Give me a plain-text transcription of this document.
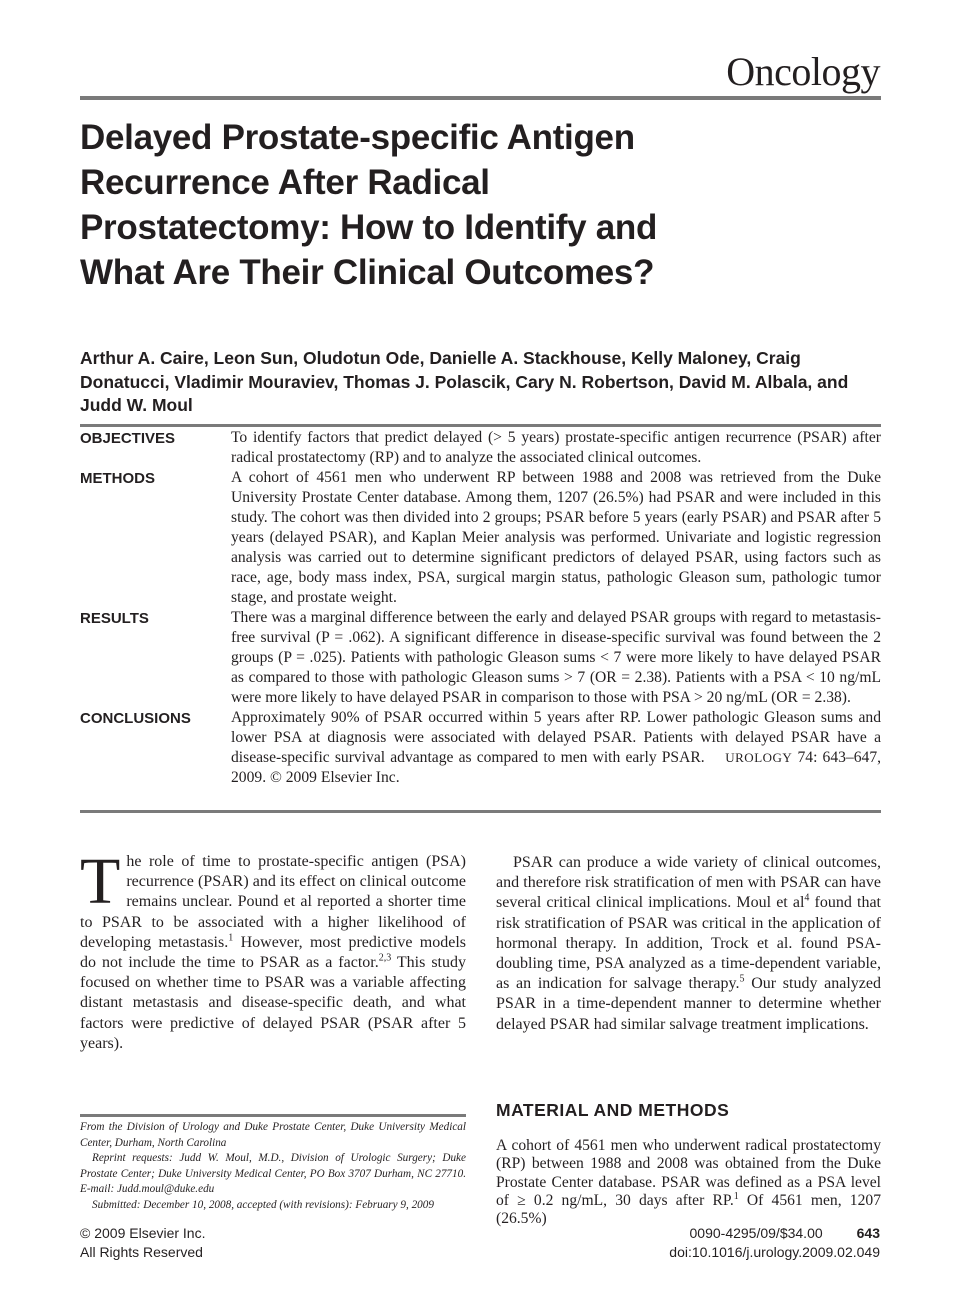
Oncology
Delayed Prostate-specific Antigen Recurrence After Radical Prostatectomy: How to Identify and What Are Their Clinical Outcomes?
Arthur A. Caire, Leon Sun, Oludotun Ode, Danielle A. Stackhouse, Kelly Maloney, Craig Donatucci, Vladimir Mouraviev, Thomas J. Polascik, Cary N. Robertson, David M. Albala, and Judd W. Moul
OBJECTIVES	To identify factors that predict delayed (> 5 years) prostate-specific antigen recurrence (PSAR) after radical prostatectomy (RP) and to analyze the associated clinical outcomes.
METHODS	A cohort of 4561 men who underwent RP between 1988 and 2008 was retrieved from the Duke University Prostate Center database. Among them, 1207 (26.5%) had PSAR and were included in this study. The cohort was then divided into 2 groups; PSAR before 5 years (early PSAR) and PSAR after 5 years (delayed PSAR), and Kaplan Meier analysis was performed. Univariate and logistic regression analysis was carried out to determine significant predictors of delayed PSAR, using factors such as race, age, body mass index, PSA, surgical margin status, pathologic Gleason sum, pathologic tumor stage, and prostate weight.
RESULTS	There was a marginal difference between the early and delayed PSAR groups with regard to metastasis-free survival (P = .062). A significant difference in disease-specific survival was found between the 2 groups (P = .025). Patients with pathologic Gleason sums < 7 were more likely to have delayed PSAR as compared to those with pathologic Gleason sums > 7 (OR = 2.38). Patients with a PSA < 10 ng/mL were more likely to have delayed PSAR in comparison to those with PSA > 20 ng/mL (OR = 2.38).
CONCLUSIONS	Approximately 90% of PSAR occurred within 5 years after RP. Lower pathologic Gleason sums and lower PSA at diagnosis were associated with delayed PSAR. Patients with delayed PSAR have a disease-specific survival advantage as compared to men with early PSAR. UROLOGY 74: 643–647, 2009. © 2009 Elsevier Inc.

The role of time to prostate-specific antigen (PSA) recurrence (PSAR) and its effect on clinical outcome remains unclear. Pound et al reported a shorter time to PSAR to be associated with a higher likelihood of developing metastasis.$^1$ However, most predictive models do not include the time to PSAR as a factor.$^{2,3}$ This study focused on whether time to PSAR was a variable affecting distant metastasis and disease-specific death, and what factors were predictive of delayed PSAR (PSAR after 5 years).

PSAR can produce a wide variety of clinical outcomes, and therefore risk stratification of men with PSAR can have several critical clinical implications. Moul et $al^4$ found that risk stratification of PSAR was critical in the application of hormonal therapy. In addition, Trock et al. found PSA-doubling time, PSA analyzed as a time-dependent variable, as an indication for salvage therapy.$^5$ Our study analyzed PSAR in a time-dependent manner to determine whether delayed PSAR had similar salvage treatment implications.

MATERIAL AND METHODS

A cohort of 4561 men who underwent radical prostatectomy (RP) between 1988 and 2008 was obtained from the Duke Prostate Center database. PSAR was defined as a PSA level of ≥ 0.2 ng/mL, 30 days after RP.$^1$ Of 4561 men, 1207 (26.5%)

From the Division of Urology and Duke Prostate Center, Duke University Medical Center, Durham, North Carolina

Reprint requests: Judd W. Moul, M.D., Division of Urologic Surgery; Duke Prostate Center; Duke University Medical Center, PO Box 3707 Durham, NC 27710. E-mail: Judd.moul@duke.edu

Submitted: December 10, 2008, accepted (with revisions): February 9, 2009

© 2009 Elsevier Inc.
All Rights Reserved
0090-4295/09/$34.00 643
doi:10.1016/j.urology.2009.02.049
